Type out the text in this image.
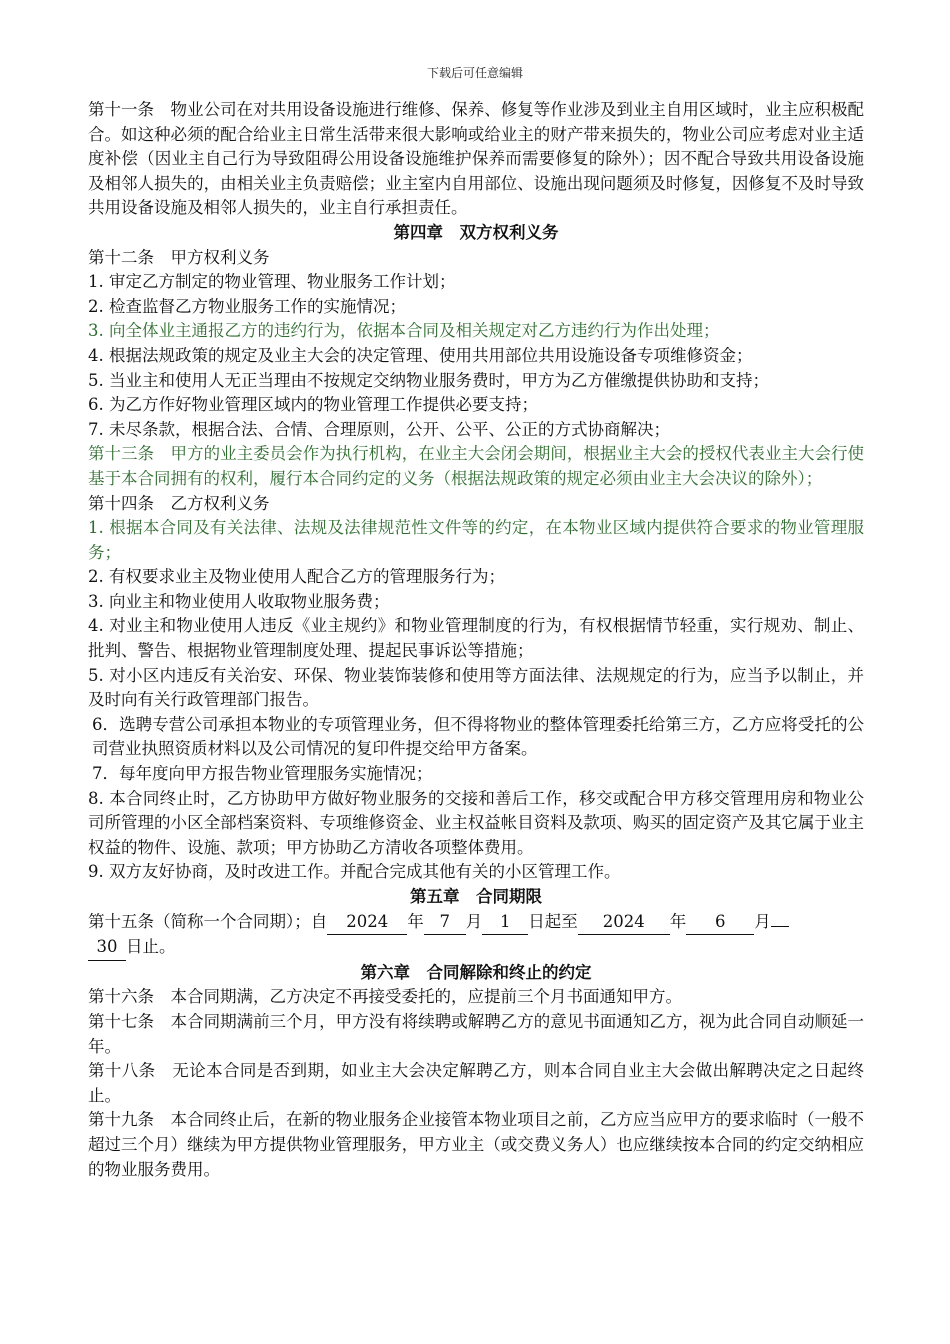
下载后可任意编辑

第十一条　物业公司在对共用设备设施进行维修、保养、修复等作业涉及到业主自用区域时，业主应积极配合。如这种必须的配合给业主日常生活带来很大影响或给业主的财产带来损失的，物业公司应考虑对业主适度补偿（因业主自己行为导致阻碍公用设备设施维护保养而需要修复的除外）；因不配合导致共用设备设施及相邻人损失的，由相关业主负责赔偿；业主室内自用部位、设施出现问题须及时修复，因修复不及时导致共用设备设施及相邻人损失的，业主自行承担责任。

第四章　双方权利义务

第十二条　甲方权利义务

1. 审定乙方制定的物业管理、物业服务工作计划；

2. 检查监督乙方物业服务工作的实施情况；

3. 向全体业主通报乙方的违约行为，依据本合同及相关规定对乙方违约行为作出处理；

4. 根据法规政策的规定及业主大会的决定管理、使用共用部位共用设施设备专项维修资金；

5. 当业主和使用人无正当理由不按规定交纳物业服务费时，甲方为乙方催缴提供协助和支持；

6. 为乙方作好物业管理区域内的物业管理工作提供必要支持；

7. 未尽条款，根据合法、合情、合理原则，公开、公平、公正的方式协商解决；

第十三条　甲方的业主委员会作为执行机构，在业主大会闭会期间，根据业主大会的授权代表业主大会行使基于本合同拥有的权利，履行本合同约定的义务（根据法规政策的规定必须由业主大会决议的除外）；

第十四条　乙方权利义务

1. 根据本合同及有关法律、法规及法律规范性文件等的约定，在本物业区域内提供符合要求的物业管理服务；

2. 有权要求业主及物业使用人配合乙方的管理服务行为；

3. 向业主和物业使用人收取物业服务费；

4. 对业主和物业使用人违反《业主规约》和物业管理制度的行为，有权根据情节轻重，实行规劝、制止、批判、警告、根据物业管理制度处理、提起民事诉讼等措施；

5. 对小区内违反有关治安、环保、物业装饰装修和使用等方面法律、法规规定的行为，应当予以制止，并及时向有关行政管理部门报告。

6．选聘专营公司承担本物业的专项管理业务，但不得将物业的整体管理委托给第三方，乙方应将受托的公司营业执照资质材料以及公司情况的复印件提交给甲方备案。

7．每年度向甲方报告物业管理服务实施情况；

8. 本合同终止时，乙方协助甲方做好物业服务的交接和善后工作，移交或配合甲方移交管理用房和物业公司所管理的小区全部档案资料、专项维修资金、业主权益帐目资料及款项、购买的固定资产及其它属于业主权益的物件、设施、款项；甲方协助乙方清收各项整体费用。

9. 双方友好协商，及时改进工作。并配合完成其他有关的小区管理工作。

第五章　合同期限

第十五条（简称一个合同期）；自 2024 年 7 月 1 日起至 2024 年 6 月
30 日止。

第六章　合同解除和终止的约定

第十六条　本合同期满，乙方决定不再接受委托的，应提前三个月书面通知甲方。

第十七条　本合同期满前三个月，甲方没有将续聘或解聘乙方的意见书面通知乙方，视为此合同自动顺延一年。

第十八条　无论本合同是否到期，如业主大会决定解聘乙方，则本合同自业主大会做出解聘决定之日起终止。

第十九条　本合同终止后，在新的物业服务企业接管本物业项目之前，乙方应当应甲方的要求临时（一般不超过三个月）继续为甲方提供物业管理服务，甲方业主（或交费义务人）也应继续按本合同的约定交纳相应的物业服务费用。
